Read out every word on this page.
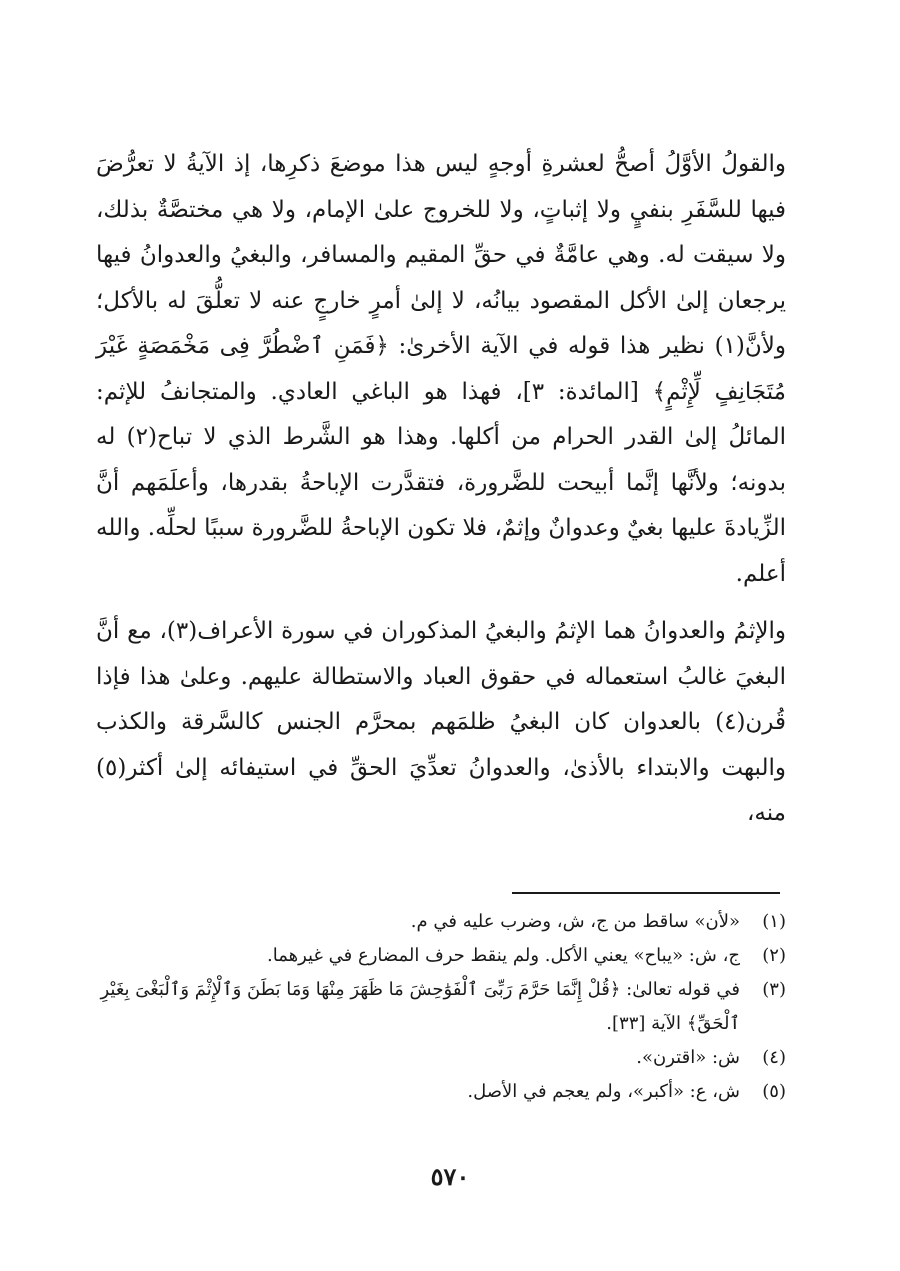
والقولُ الأوَّلُ أصحُّ لعشرةِ أوجهٍ ليس هذا موضعَ ذكرِها، إذ الآيةُ لا تعرُّضَ فيها للسَّفَرِ بنفيٍ ولا إثباتٍ، ولا للخروج علىٰ الإمام، ولا هي مختصَّةٌ بذلك، ولا سيقت له. وهي عامَّةٌ في حقِّ المقيم والمسافر، والبغيُ والعدوانُ فيها يرجعان إلىٰ الأكل المقصود بيانُه، لا إلىٰ أمرٍ خارجٍ عنه لا تعلُّقَ له بالأكل؛ ولأنَّ(١) نظير هذا قوله في الآية الأخرىٰ: ﴿فَمَنِ ٱضْطُرَّ فِى مَخْمَصَةٍ غَيْرَ مُتَجَانِفٍ لِّإِثْمٍ﴾ [المائدة: ٣]، فهذا هو الباغي العادي. والمتجانفُ للإثم: المائلُ إلىٰ القدر الحرام من أكلها. وهذا هو الشَّرط الذي لا تباح(٢) له بدونه؛ ولأنَّها إنَّما أبيحت للضَّرورة، فتقدَّرت الإباحةُ بقدرها، وأعلَمَهم أنَّ الزِّيادةَ عليها بغيٌ وعدوانٌ وإثمٌ، فلا تكون الإباحةُ للضَّرورة سببًا لحلِّه. والله أعلم.

والإثمُ والعدوانُ هما الإثمُ والبغيُ المذكوران في سورة الأعراف(٣)، مع أنَّ البغيَ غالبُ استعماله في حقوق العباد والاستطالة عليهم. وعلىٰ هذا فإذا قُرن(٤) بالعدوان كان البغيُ ظلمَهم بمحرَّم الجنس كالسَّرقة والكذب والبهت والابتداء بالأذىٰ، والعدوانُ تعدِّيَ الحقِّ في استيفائه إلىٰ أكثر(٥) منه،

(١)
«لأن» ساقط من ج، ش، وضرب عليه في م.
(٢)
ج، ش: «يباح» يعني الأكل. ولم ينقط حرف المضارع في غيرهما.
(٣)
في قوله تعالىٰ: ﴿قُلْ إِنَّمَا حَرَّمَ رَبِّىَ ٱلْفَوَٰحِشَ مَا ظَهَرَ مِنْهَا وَمَا بَطَنَ وَٱلْإِثْمَ وَٱلْبَغْىَ بِغَيْرِ ٱلْحَقِّ﴾ الآية [٣٣].
(٤)
ش: «اقترن».
(٥)
ش، ع: «أكبر»، ولم يعجم في الأصل.
٥٧٠
